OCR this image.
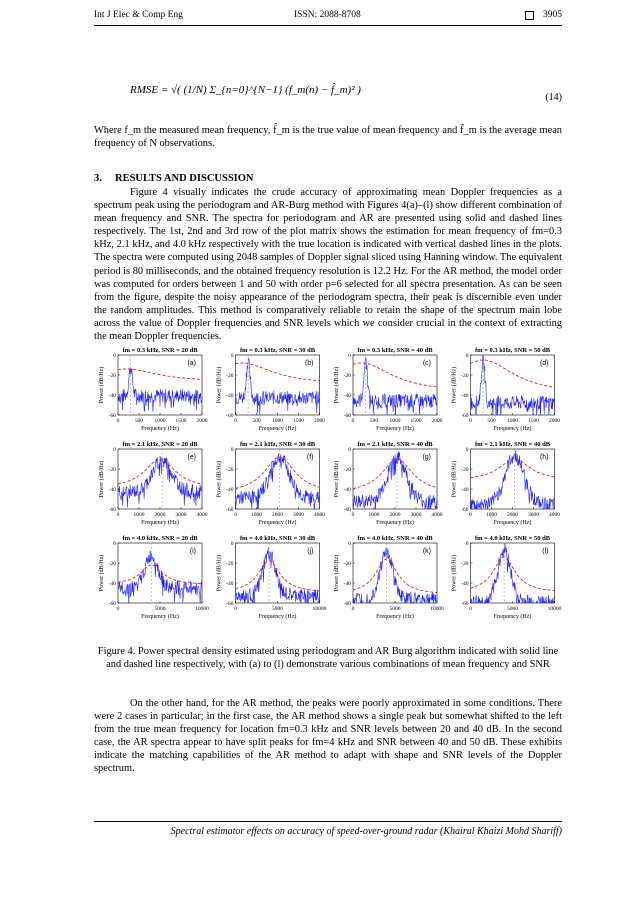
Int J Elec & Comp Eng	ISSN: 2088-8708	3905
RMSE = √( (1/N) Σ_{n=0}^{N−1} (f_m(n) − f̂_m)² )
(14)
Where f_m the measured mean frequency, f̂_m is the true value of mean frequency and f̄_m is the average mean frequency of N observations.
3.     RESULTS AND DISCUSSION
Figure 4 visually indicates the crude accuracy of approximating mean Doppler frequencies as a spectrum peak using the periodogram and AR-Burg method with Figures 4(a)–(l) show different combination of mean frequency and SNR. The spectra for periodogram and AR are presented using solid and dashed lines respectively. The 1st, 2nd and 3rd row of the plot matrix shows the estimation for mean frequency of fm=0.3 kHz, 2.1 kHz, and 4.0 kHz respectively with the true location is indicated with vertical dashed lines in the plots. The spectra were computed using 2048 samples of Doppler signal sliced using Hanning window. The equivalent period is 80 milliseconds, and the obtained frequency resolution is 12.2 Hz. For the AR method, the model order was computed for orders between 1 and 50 with order p=6 selected for all spectra presentation. As can be seen from the figure, despite the noisy appearance of the periodogram spectra, their peak is discernible even under the random amplitudes. This method is comparatively reliable to retain the shape of the spectrum main lobe across the value of Doppler frequencies and SNR levels which we consider crucial in the context of extracting the mean Doppler frequencies.
fm = 0.3 kHz, SNR = 20 dB
0
-20
-40
-60
0	500 1000 1500 2000
Frequency (Hz)
Power (dB/Hz)
(a)
fm = 0.3 kHz, SNR = 30 dB
0
-20
-40
-60
0	500 1000 1500 2000
Frequency (Hz)
Power (dB/Hz)
(b)
fm = 0.3 kHz, SNR = 40 dB
0
-20
-40
-60
0	500 1000 1500 2000
Frequency (Hz)
Power (dB/Hz)
(c)
fm = 0.3 kHz, SNR = 50 dB
0
-20
-40
-60
0	500 1000 1500 2000
Frequency (Hz)
Power (dB/Hz)
(d)
fm = 2.1 kHz, SNR = 20 dB
0
-20
-40
-60
0	1000 2000 3000 4000
Frequency (Hz)
Power (dB/Hz)
(e)
fm = 2.1 kHz, SNR = 30 dB
0
-20
-40
-60
0	1000 2000 3000 4000
Frequency (Hz)
Power (dB/Hz)
(f)
fm = 2.1 kHz, SNR = 40 dB
0
-20
-40
-60
0	1000 2000 3000 4000
Frequency (Hz)
Power (dB/Hz)
(g)
fm = 2.1 kHz, SNR = 40 dB
0
-20
-40
-60
0	1000 2000 3000 4000
Frequency (Hz)
Power (dB/Hz)
(h)
fm = 4.0 kHz, SNR = 20 dB
0
-20
-40
-60
0	5000	10000
Frequency (Hz)
Power (dB/Hz)
(i)
fm = 4.0 kHz, SNR = 30 dB
0
-20
-40
-60
0	5000	10000
Frequency (Hz)
Power (dB/Hz)
(j)
fm = 4.0 kHz, SNR = 40 dB
0
-20
-40
-60
0	5000	10000
Frequency (Hz)
Power (dB/Hz)
(k)
fm = 4.0 kHz, SNR = 50 dB
0
-20
-40
-60
0	5000	10000
Frequency (Hz)
Power (dB/Hz)
(l)
Figure 4. Power spectral density estimated using periodogram and AR Burg algorithm indicated with solid line and dashed line respectively, with (a) to (l) demonstrate various combinations of mean frequency and SNR
On the other hand, for the AR method, the peaks were poorly approximated in some conditions. There were 2 cases in particular; in the first case, the AR method shows a single peak but somewhat shifted to the left from the true mean frequency for location fm=0.3 kHz and SNR levels between 20 and 40 dB. In the second case, the AR spectra appear to have split peaks for fm=4 kHz and SNR between 40 and 50 dB. These exhibits indicate the matching capabilities of the AR method to adapt with shape and SNR levels of the Doppler spectrum.
Spectral estimator effects on accuracy of speed-over-ground radar (Khairul Khaizi Mohd Shariff)
